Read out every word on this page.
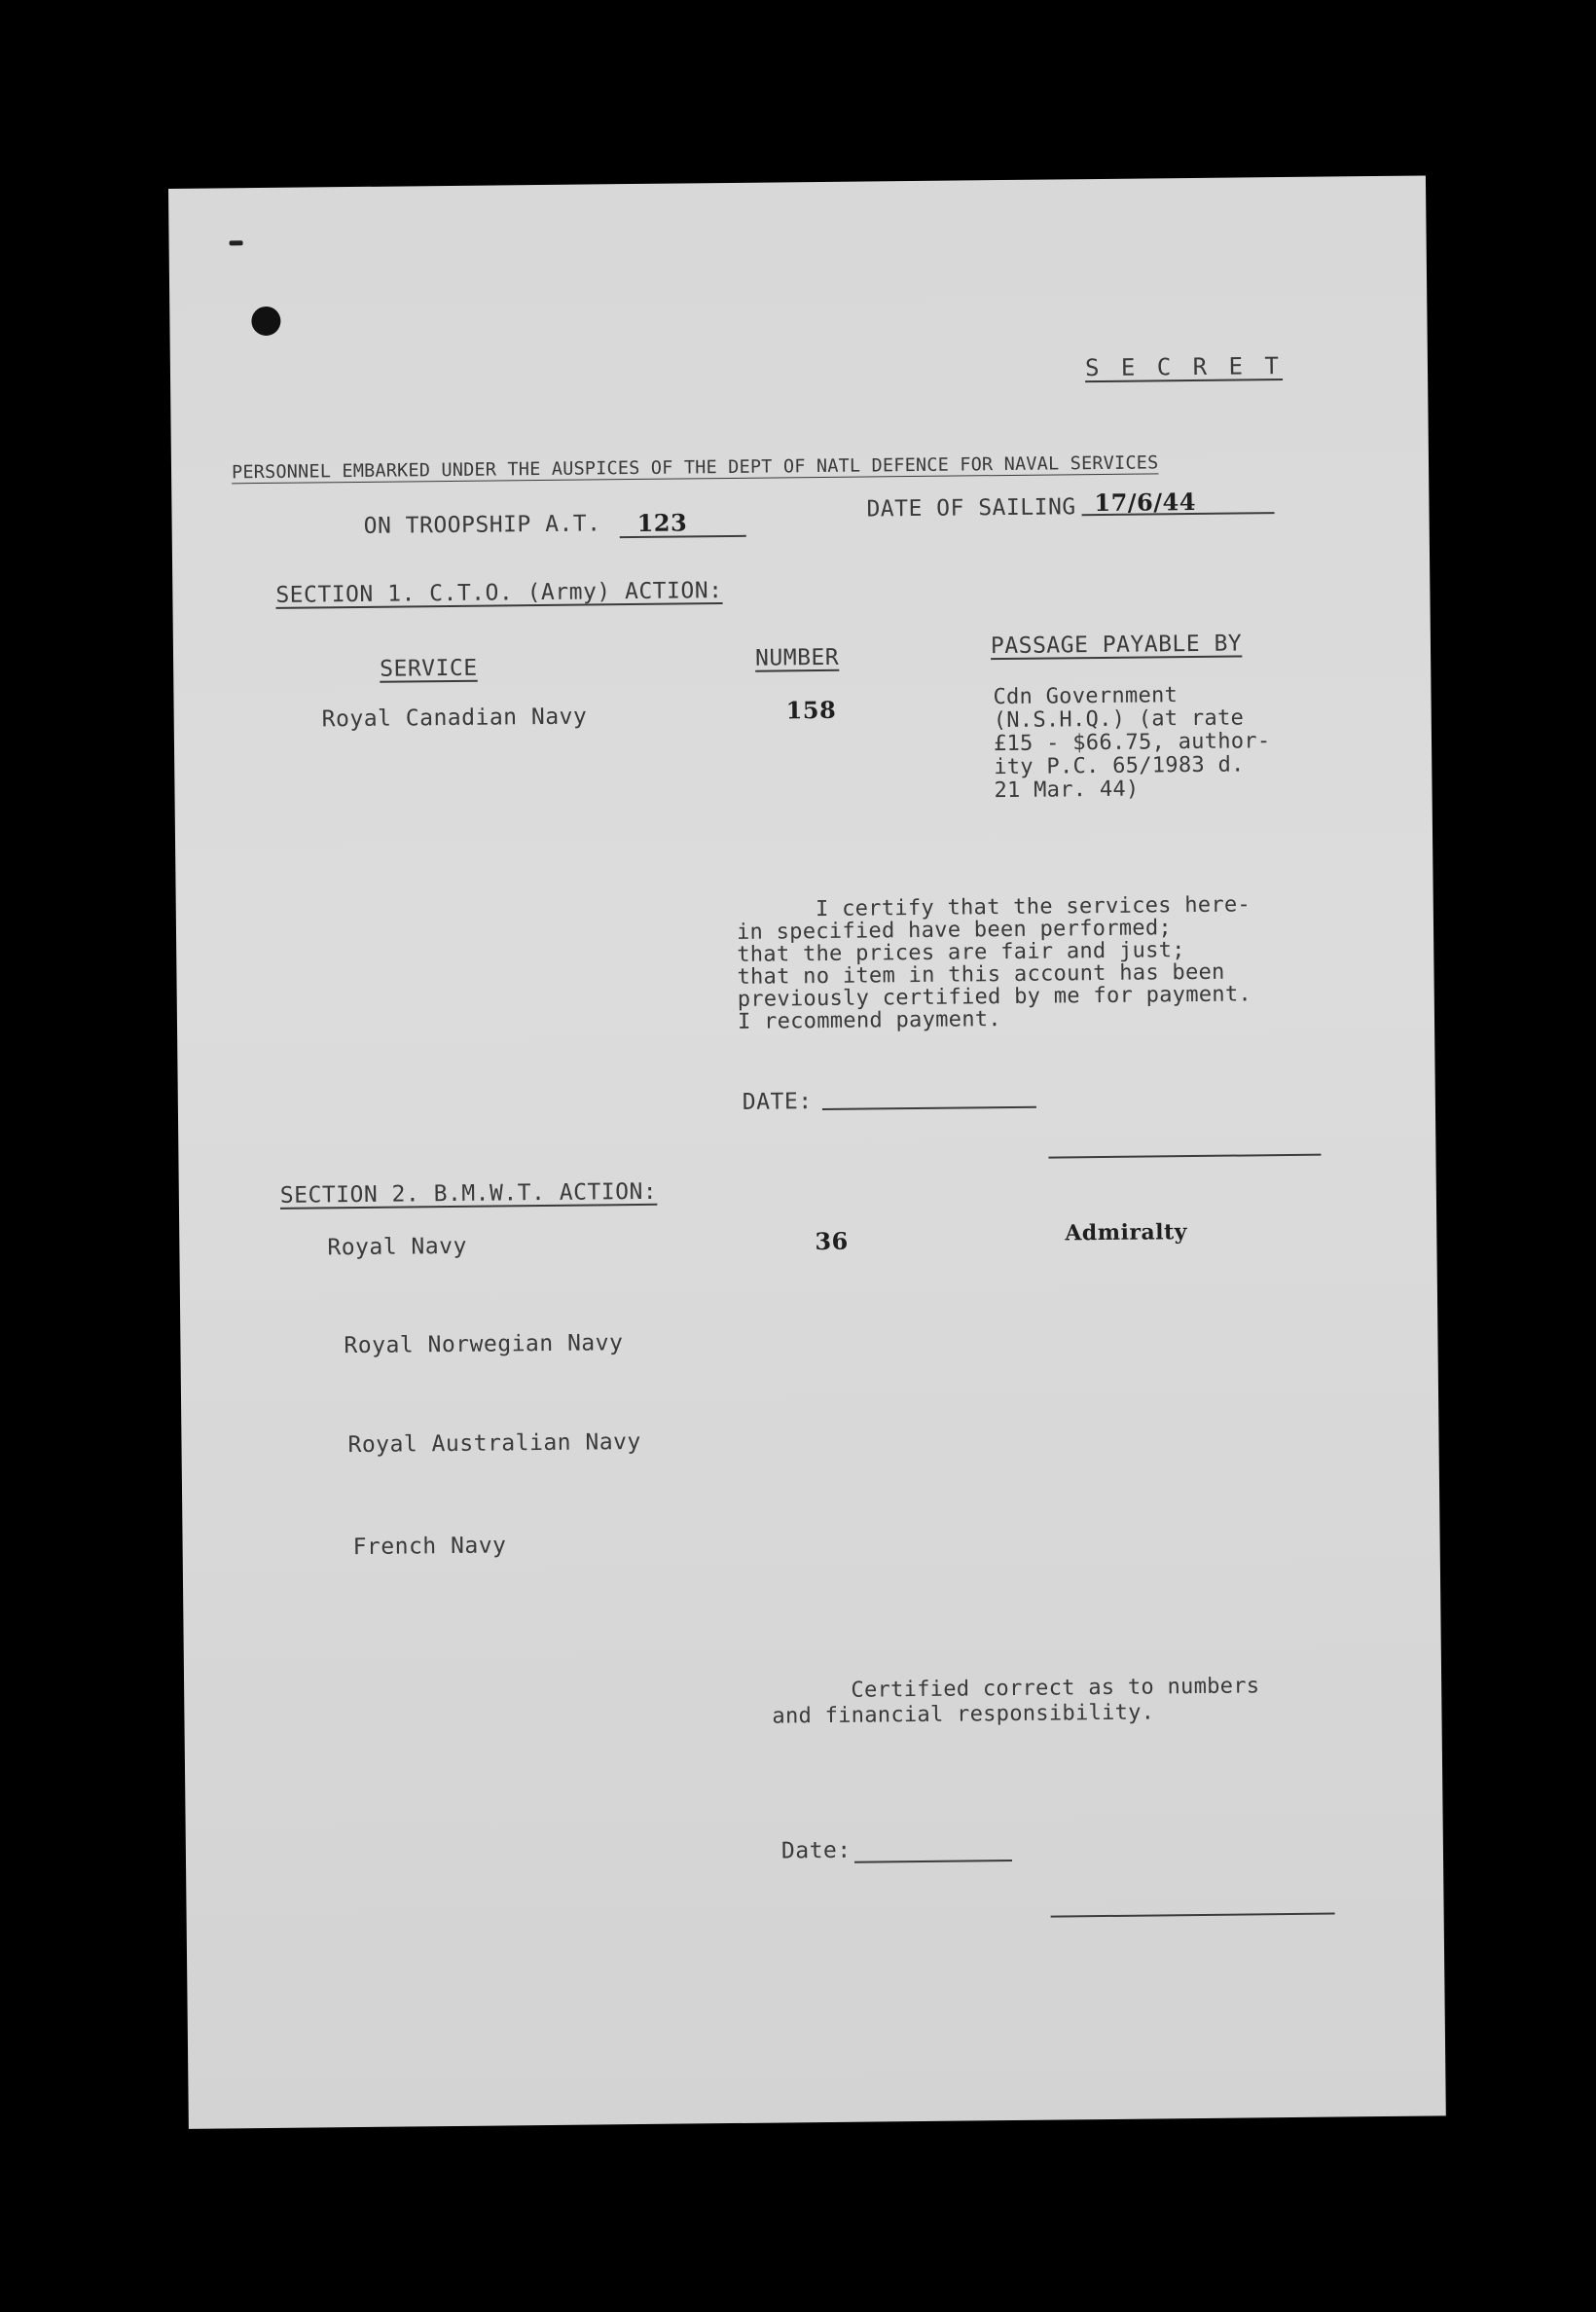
S E C R E T
PERSONNEL EMBARKED UNDER THE AUSPICES OF THE DEPT OF NATL DEFENCE FOR NAVAL SERVICES
ON TROOPSHIP A.T. 123
DATE OF SAILING 17/6/44
SECTION 1. C.T.O. (Army) ACTION:
SERVICE	NUMBER	PASSAGE PAYABLE BY
Royal Canadian Navy	158	Cdn Government
(N.S.H.Q.) (at rate
£15 - $66.75, author-
ity P.C. 65/1983 d.
21 Mar. 44)
I certify that the services here-
in specified have been performed;
that the prices are fair and just;
that no item in this account has been
previously certified by me for payment.
I recommend payment.
DATE:
SECTION 2. B.M.W.T. ACTION:
Royal Navy	36	Admiralty
Royal Norwegian Navy
Royal Australian Navy
French Navy
Certified correct as to numbers
and financial responsibility.
Date:
